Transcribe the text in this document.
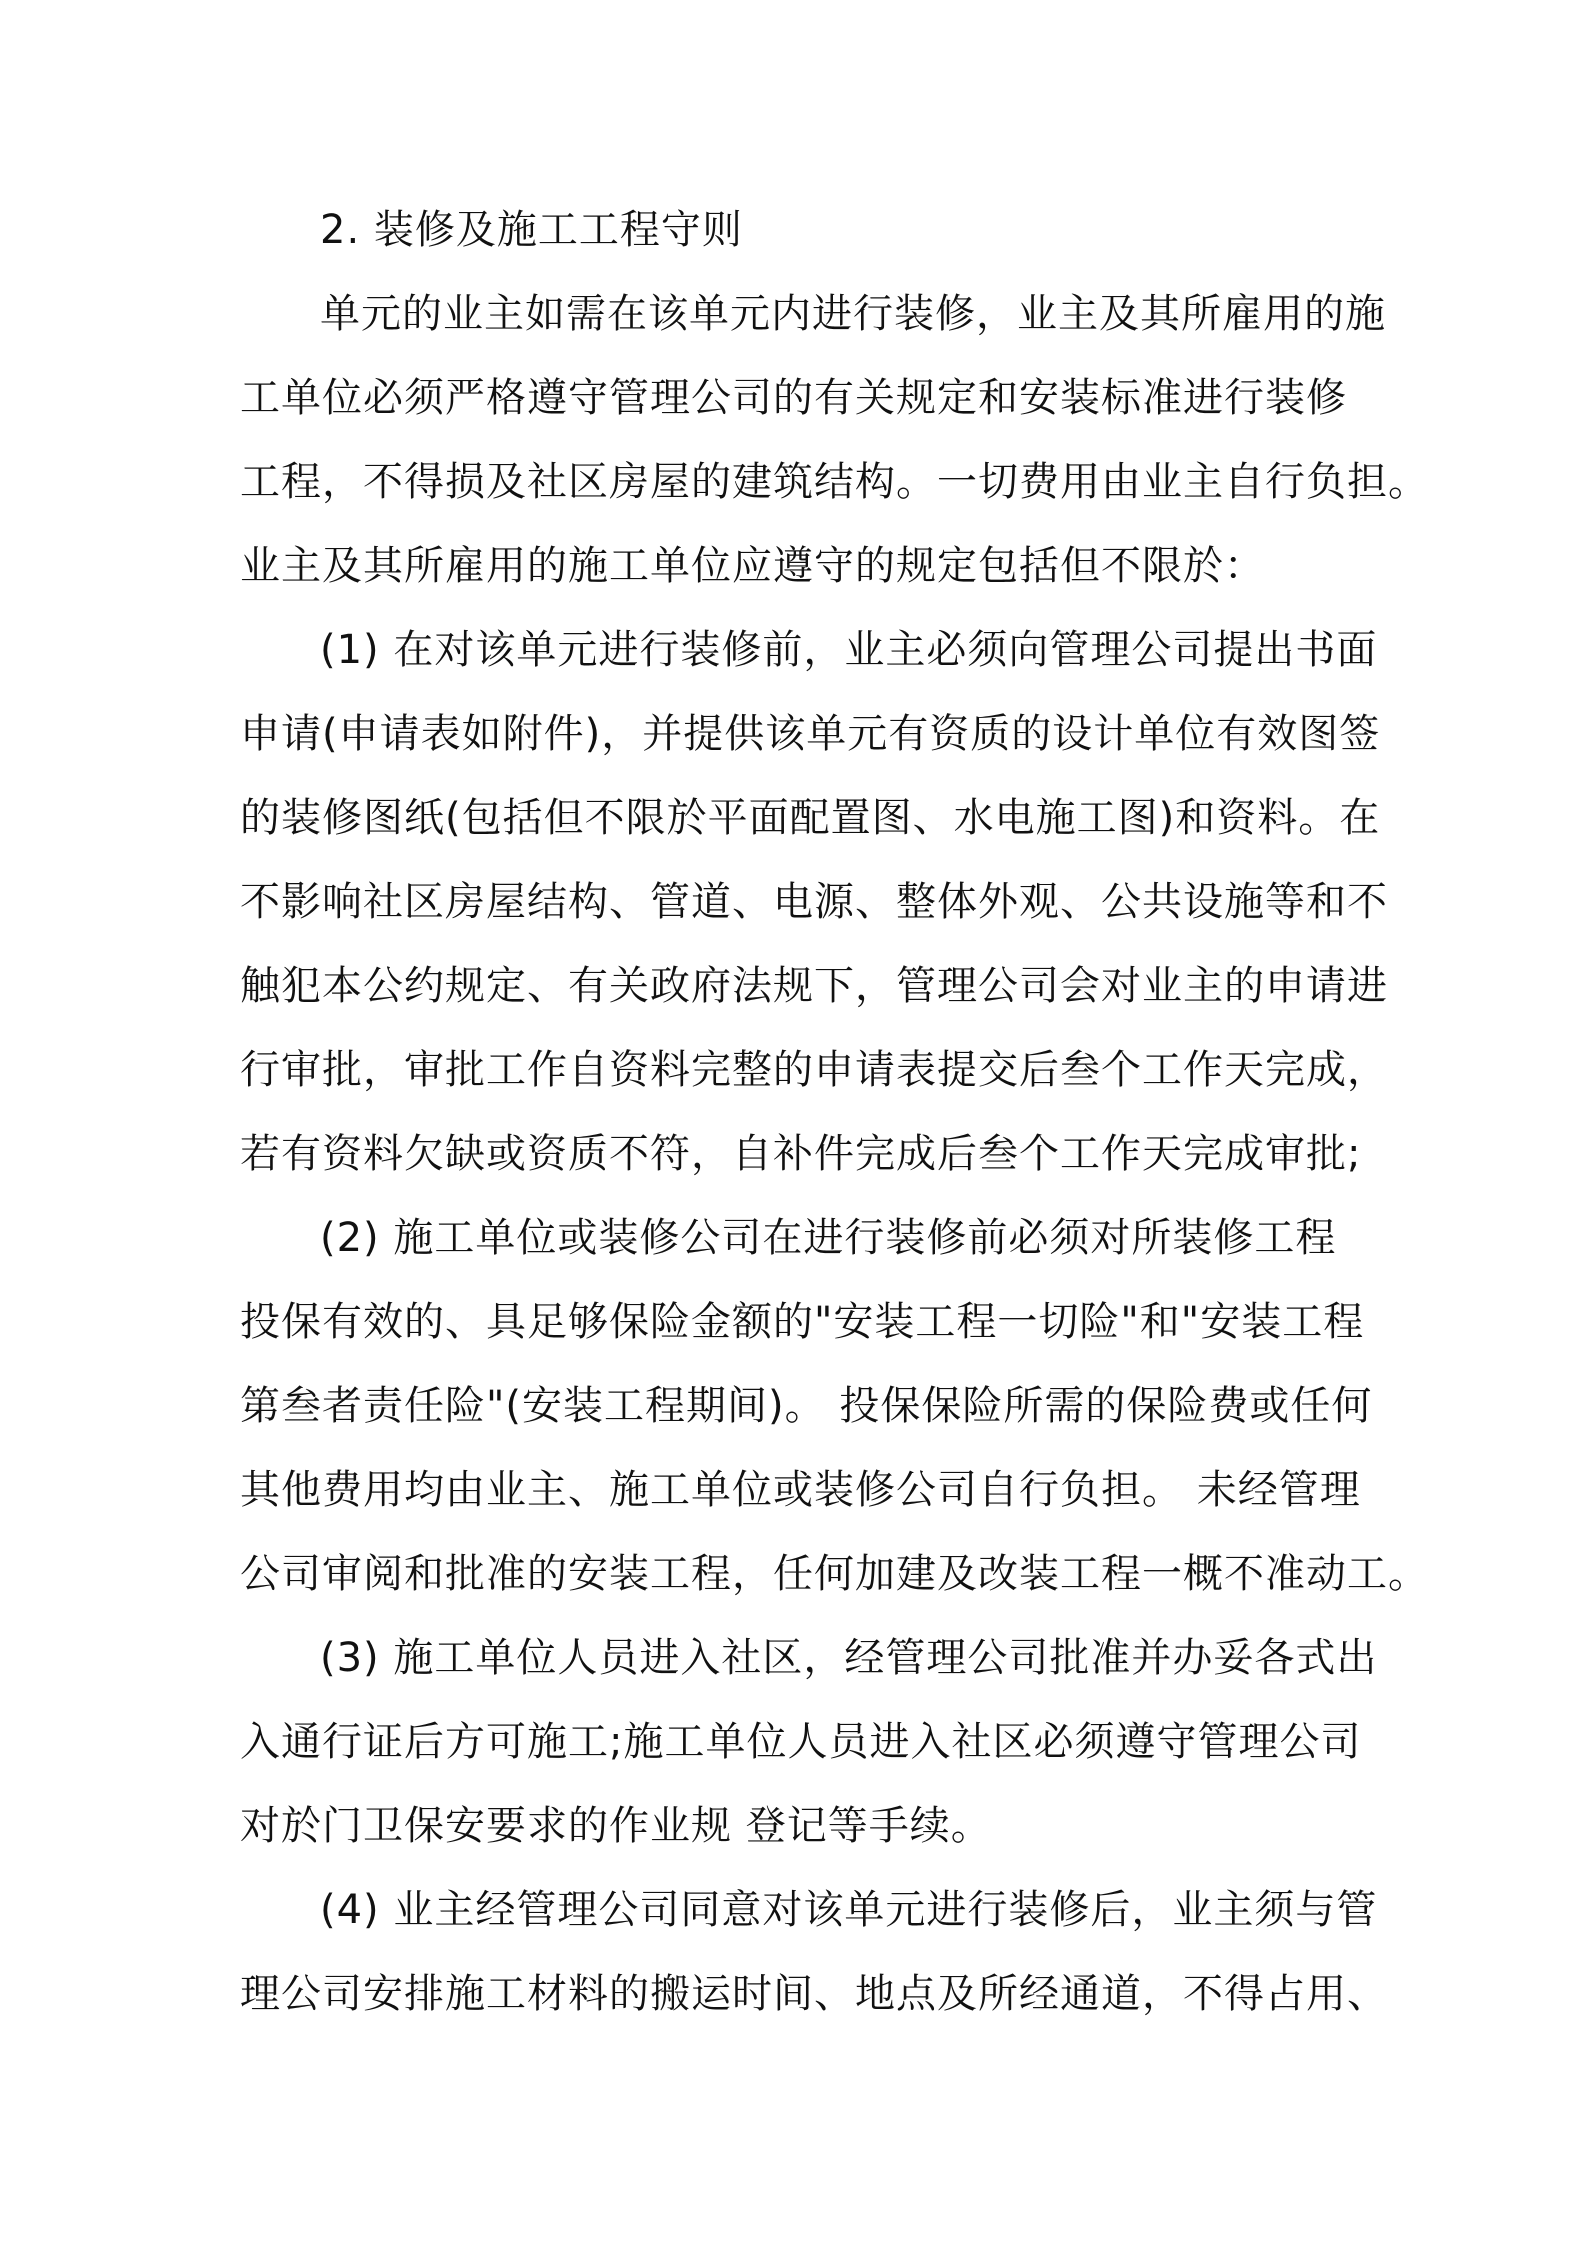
2. 装修及施工工程守则
单元的业主如需在该单元内进行装修，业主及其所雇用的施
工单位必须严格遵守管理公司的有关规定和安装标准进行装修
工程，不得损及社区房屋的建筑结构。一切费用由业主自行负担。
业主及其所雇用的施工单位应遵守的规定包括但不限於：
(1) 在对该单元进行装修前，业主必须向管理公司提出书面
申请(申请表如附件)，并提供该单元有资质的设计单位有效图签
的装修图纸(包括但不限於平面配置图、水电施工图)和资料。在
不影响社区房屋结构、管道、电源、整体外观、公共设施等和不
触犯本公约规定、有关政府法规下，管理公司会对业主的申请进
行审批，审批工作自资料完整的申请表提交后叁个工作天完成，
若有资料欠缺或资质不符，自补件完成后叁个工作天完成审批;
(2) 施工单位或装修公司在进行装修前必须对所装修工程
投保有效的、具足够保险金额的"安装工程一切险"和"安装工程
第叁者责任险"(安装工程期间)。 投保保险所需的保险费或任何
其他费用均由业主、施工单位或装修公司自行负担。 未经管理
公司审阅和批准的安装工程，任何加建及改装工程一概不准动工。
(3) 施工单位人员进入社区，经管理公司批准并办妥各式出
入通行证后方可施工;施工单位人员进入社区必须遵守管理公司
对於门卫保安要求的作业规 登记等手续。
(4) 业主经管理公司同意对该单元进行装修后，业主须与管
理公司安排施工材料的搬运时间、地点及所经通道，不得占用、
